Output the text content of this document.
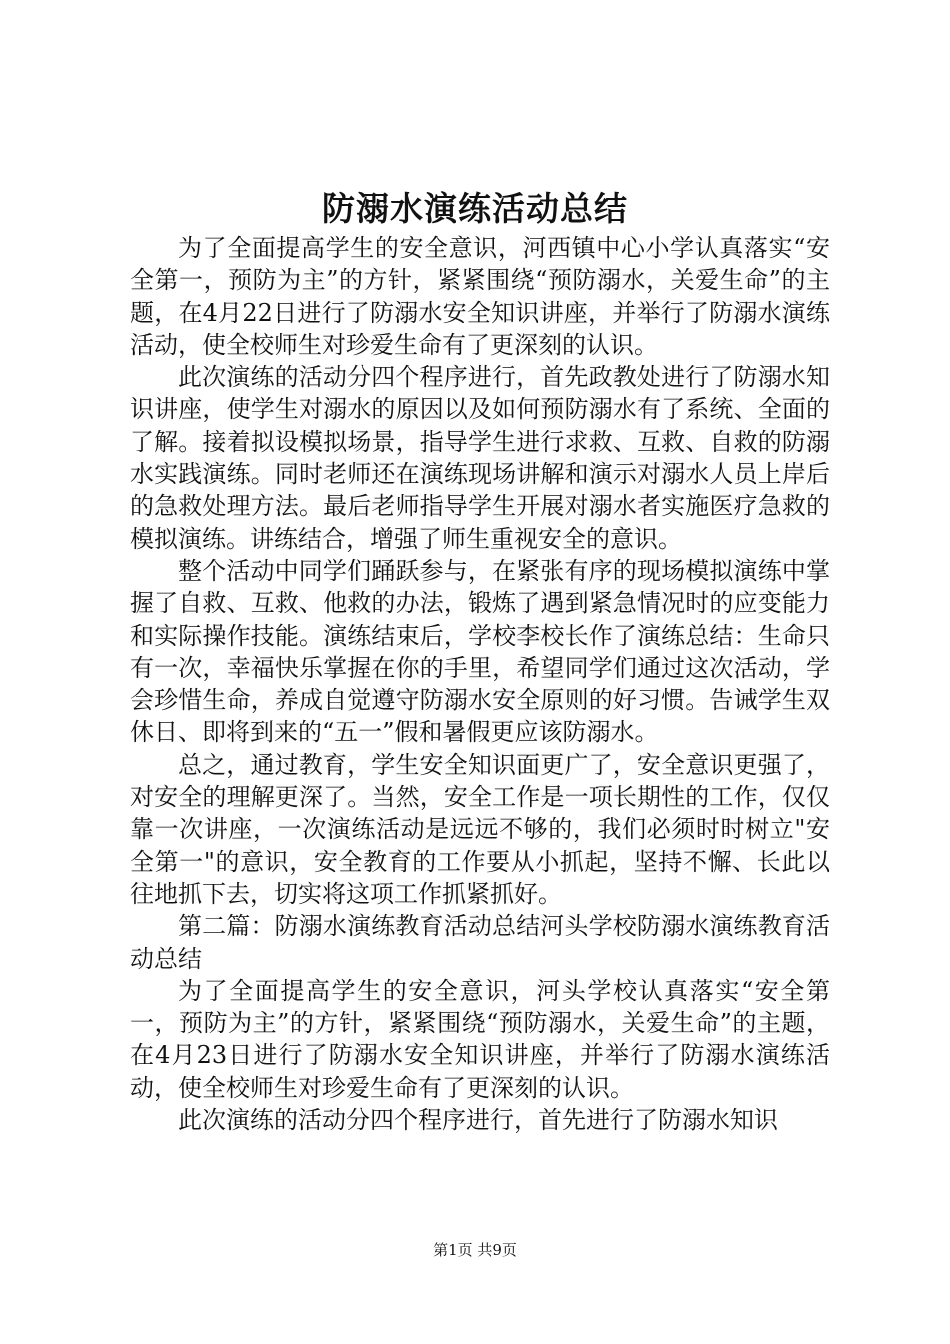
防溺水演练活动总结

为了全面提高学生的安全意识，河西镇中心小学认真落实“安全第一，预防为主”的方针，紧紧围绕“预防溺水，关爱生命”的主题，在4月22日进行了防溺水安全知识讲座，并举行了防溺水演练活动，使全校师生对珍爱生命有了更深刻的认识。

此次演练的活动分四个程序进行，首先政教处进行了防溺水知识讲座，使学生对溺水的原因以及如何预防溺水有了系统、全面的了解。接着拟设模拟场景，指导学生进行求救、互救、自救的防溺水实践演练。同时老师还在演练现场讲解和演示对溺水人员上岸后的急救处理方法。最后老师指导学生开展对溺水者实施医疗急救的模拟演练。讲练结合，增强了师生重视安全的意识。

整个活动中同学们踊跃参与，在紧张有序的现场模拟演练中掌握了自救、互救、他救的办法，锻炼了遇到紧急情况时的应变能力和实际操作技能。演练结束后，学校李校长作了演练总结：生命只有一次，幸福快乐掌握在你的手里，希望同学们通过这次活动，学会珍惜生命，养成自觉遵守防溺水安全原则的好习惯。告诫学生双休日、即将到来的“五一”假和暑假更应该防溺水。

总之，通过教育，学生安全知识面更广了，安全意识更强了，对安全的理解更深了。当然，安全工作是一项长期性的工作，仅仅靠一次讲座，一次演练活动是远远不够的，我们必须时时树立"安全第一"的意识，安全教育的工作要从小抓起，坚持不懈、长此以往地抓下去，切实将这项工作抓紧抓好。

第二篇：防溺水演练教育活动总结河头学校防溺水演练教育活动总结

为了全面提高学生的安全意识，河头学校认真落实“安全第一，预防为主”的方针，紧紧围绕“预防溺水，关爱生命”的主题，在4月23日进行了防溺水安全知识讲座，并举行了防溺水演练活动，使全校师生对珍爱生命有了更深刻的认识。

此次演练的活动分四个程序进行，首先进行了防溺水知识

第1页 共9页
